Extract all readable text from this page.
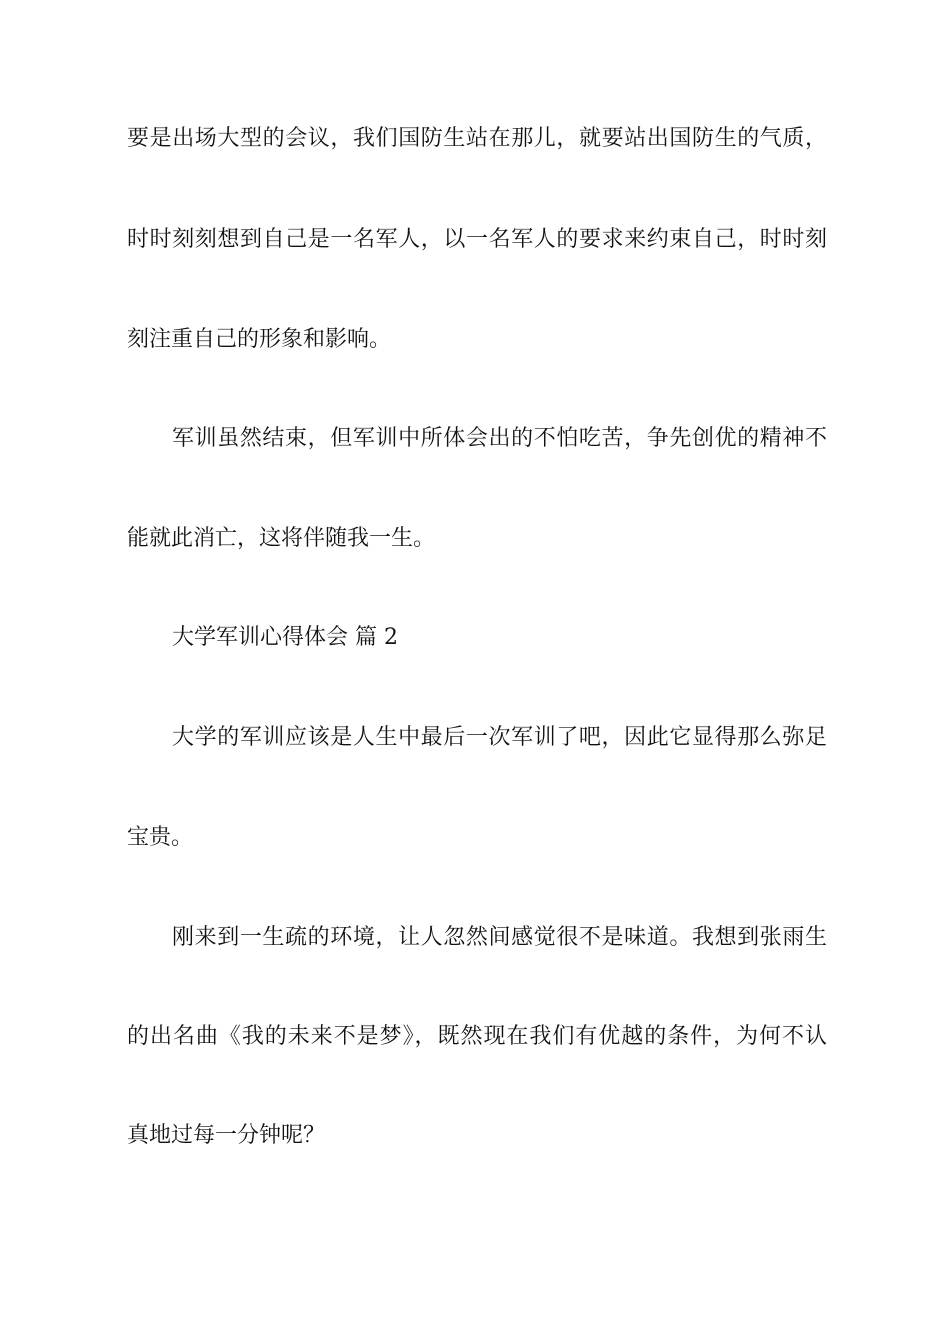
要是出场大型的会议，我们国防生站在那儿，就要站出国防生的气质，
时时刻刻想到自己是一名军人，以一名军人的要求来约束自己，时时刻
刻注重自己的形象和影响。
军训虽然结束，但军训中所体会出的不怕吃苦，争先创优的精神不
能就此消亡，这将伴随我一生。
大学军训心得体会 篇 2
大学的军训应该是人生中最后一次军训了吧，因此它显得那么弥足
宝贵。
刚来到一生疏的环境，让人忽然间感觉很不是味道。我想到张雨生
的出名曲《我的未来不是梦》，既然现在我们有优越的条件，为何不认
真地过每一分钟呢？
